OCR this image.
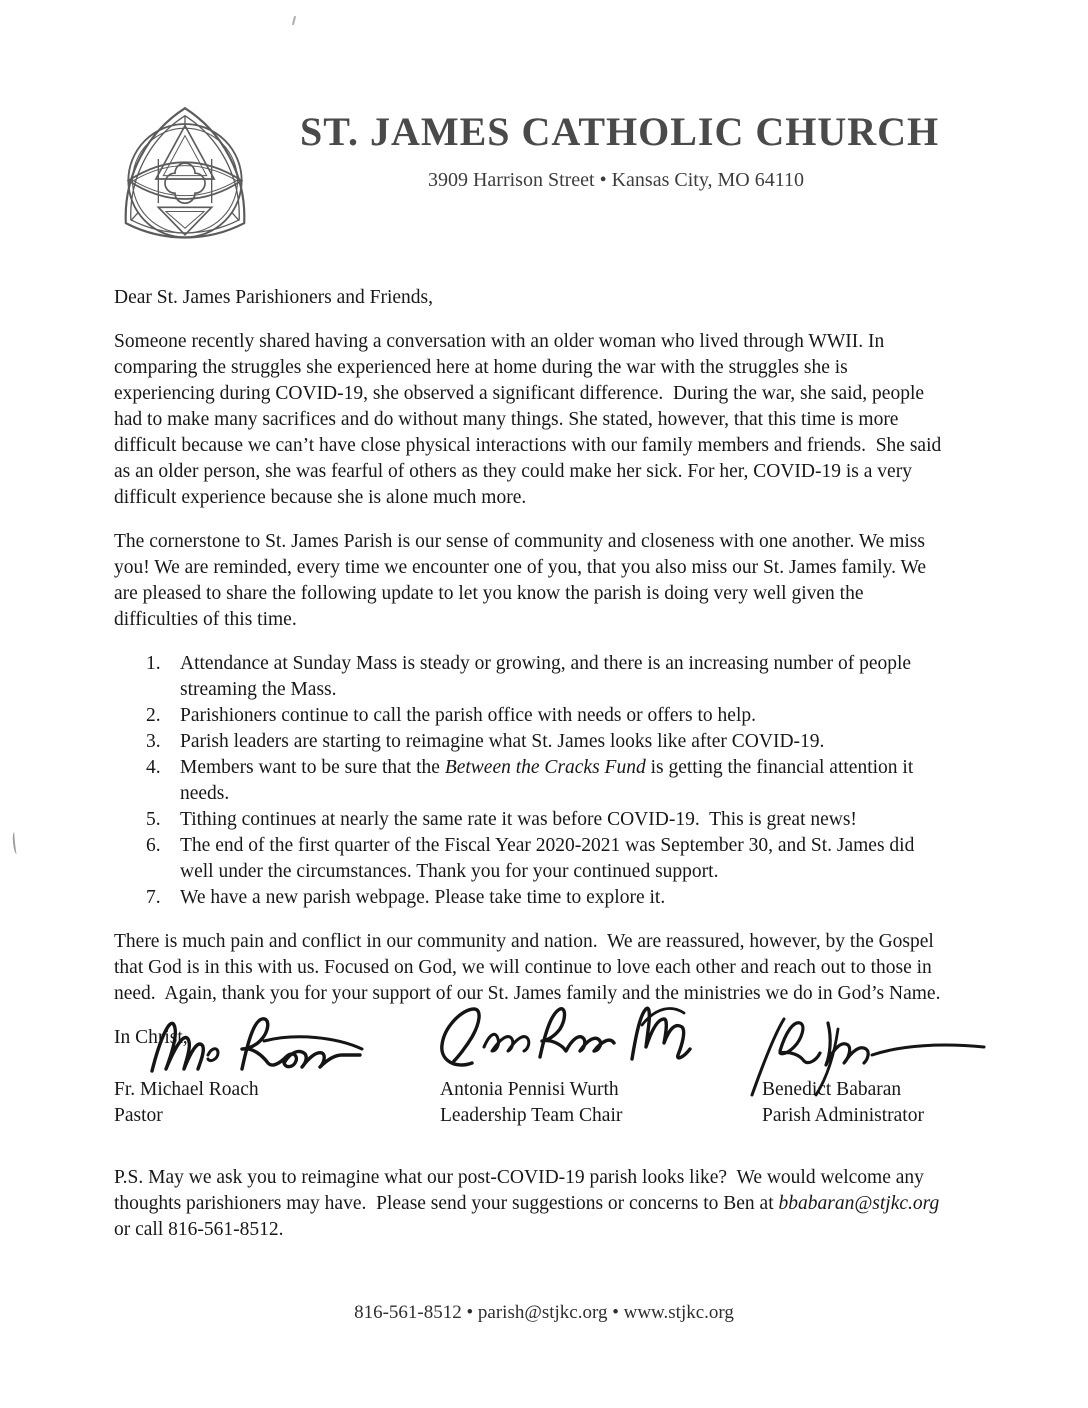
ST. JAMES CATHOLIC CHURCH
3909 Harrison Street • Kansas City, MO 64110

Dear St. James Parishioners and Friends,

Someone recently shared having a conversation with an older woman who lived through WWII. In comparing the struggles she experienced here at home during the war with the struggles she is experiencing during COVID-19, she observed a significant difference.  During the war, she said, people had to make many sacrifices and do without many things. She stated, however, that this time is more difficult because we can’t have close physical interactions with our family members and friends.  She said as an older person, she was fearful of others as they could make her sick. For her, COVID-19 is a very difficult experience because she is alone much more.

The cornerstone to St. James Parish is our sense of community and closeness with one another. We miss you! We are reminded, every time we encounter one of you, that you also miss our St. James family. We are pleased to share the following update to let you know the parish is doing very well given the difficulties of this time.

1. Attendance at Sunday Mass is steady or growing, and there is an increasing number of people streaming the Mass.
2. Parishioners continue to call the parish office with needs or offers to help.
3. Parish leaders are starting to reimagine what St. James looks like after COVID-19.
4. Members want to be sure that the Between the Cracks Fund is getting the financial attention it needs.
5. Tithing continues at nearly the same rate it was before COVID-19.  This is great news!
6. The end of the first quarter of the Fiscal Year 2020-2021 was September 30, and St. James did well under the circumstances. Thank you for your continued support.
7. We have a new parish webpage. Please take time to explore it.

There is much pain and conflict in our community and nation.  We are reassured, however, by the Gospel that God is in this with us. Focused on God, we will continue to love each other and reach out to those in need.  Again, thank you for your support of our St. James family and the ministries we do in God’s Name.

In Christ,
Fr. Michael Roach
Pastor
Antonia Pennisi Wurth
Leadership Team Chair
Benedict Babaran
Parish Administrator

P.S. May we ask you to reimagine what our post-COVID-19 parish looks like?  We would welcome any thoughts parishioners may have.  Please send your suggestions or concerns to Ben at bbabaran@stjkc.org or call 816-561-8512.

816-561-8512 • parish@stjkc.org • www.stjkc.org
